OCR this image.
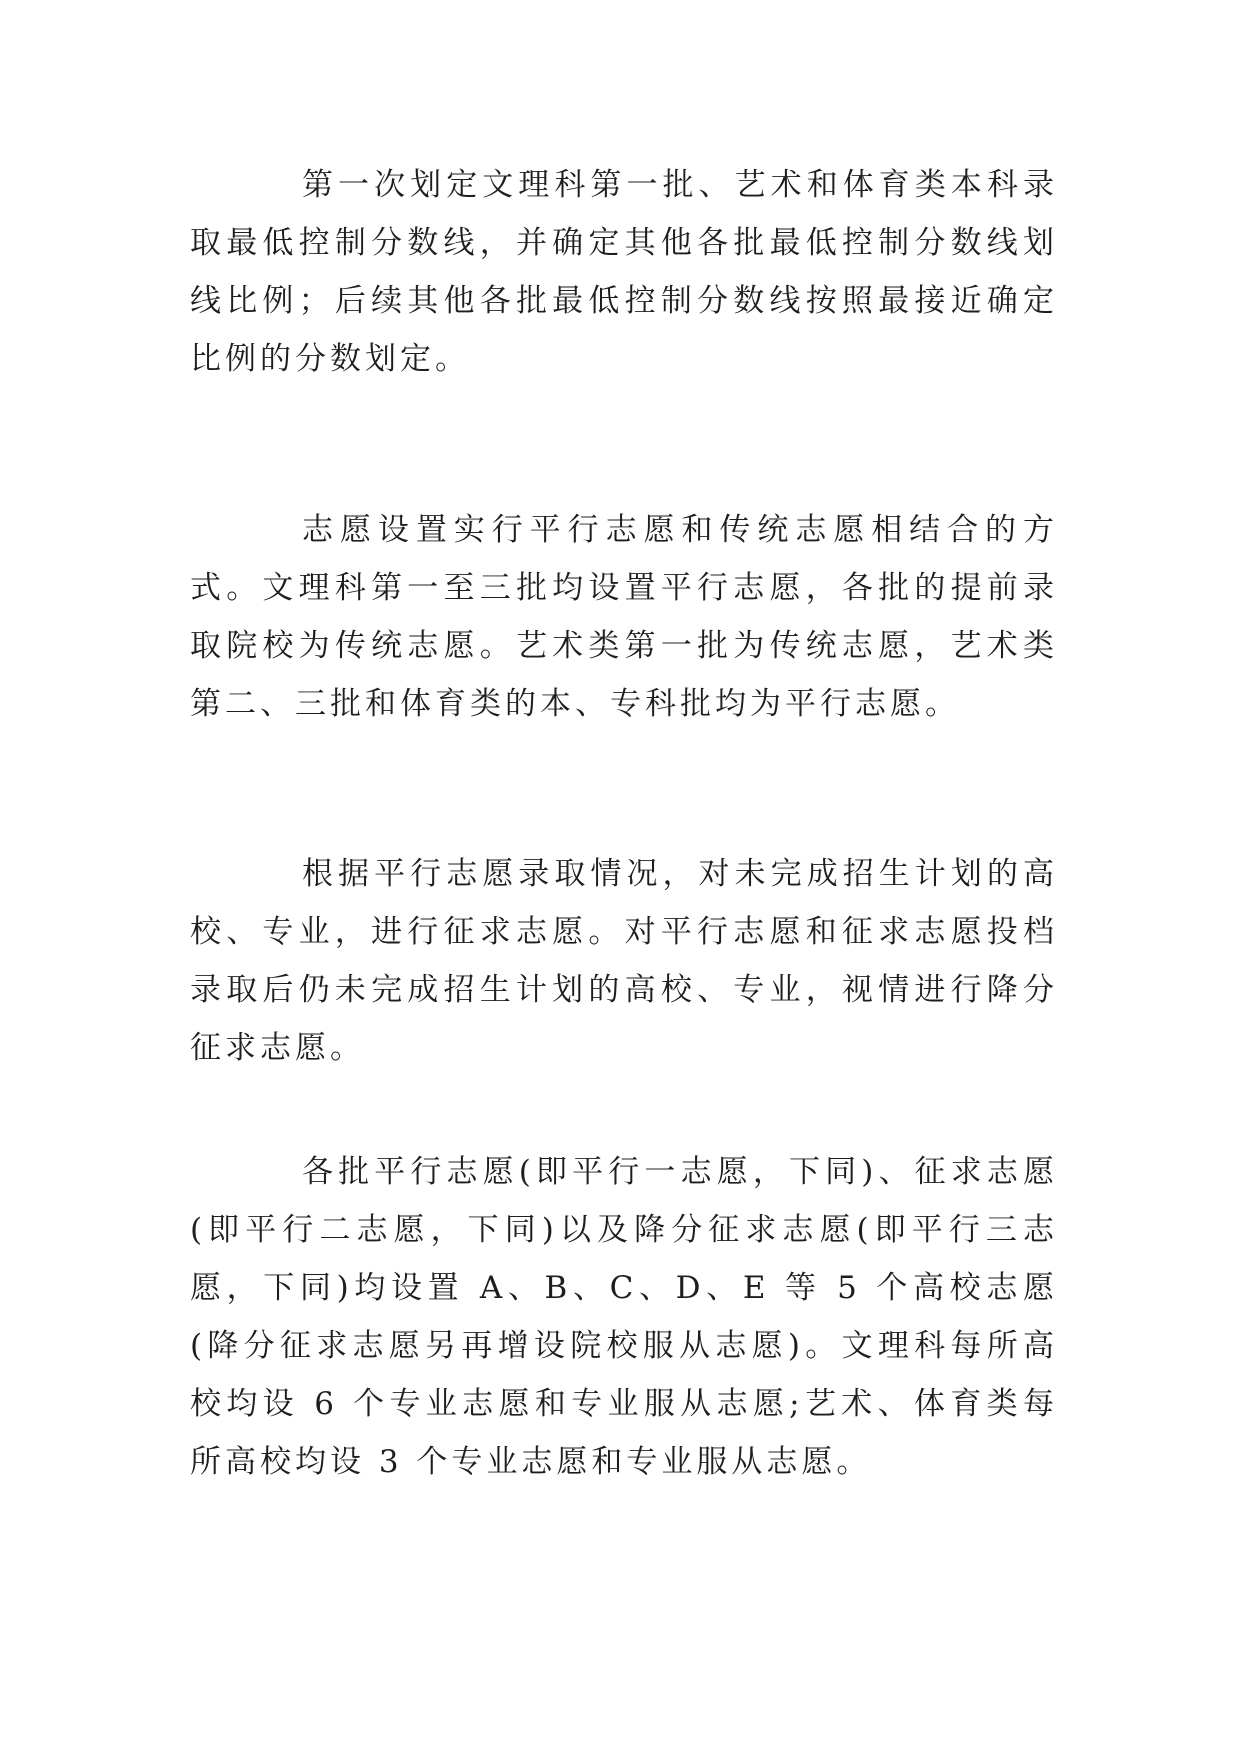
第一次划定文理科第一批、艺术和体育类本科录取最低控制分数线，并确定其他各批最低控制分数线划线比例；后续其他各批最低控制分数线按照最接近确定比例的分数划定。

志愿设置实行平行志愿和传统志愿相结合的方式。文理科第一至三批均设置平行志愿，各批的提前录取院校为传统志愿。艺术类第一批为传统志愿，艺术类第二、三批和体育类的本、专科批均为平行志愿。

根据平行志愿录取情况，对未完成招生计划的高校、专业，进行征求志愿。对平行志愿和征求志愿投档录取后仍未完成招生计划的高校、专业，视情进行降分征求志愿。

各批平行志愿(即平行一志愿，下同)、征求志愿(即平行二志愿，下同)以及降分征求志愿(即平行三志愿，下同)均设置 A、B、C、D、E 等 5 个高校志愿(降分征求志愿另再增设院校服从志愿)。文理科每所高校均设 6 个专业志愿和专业服从志愿;艺术、体育类每所高校均设 3 个专业志愿和专业服从志愿。
